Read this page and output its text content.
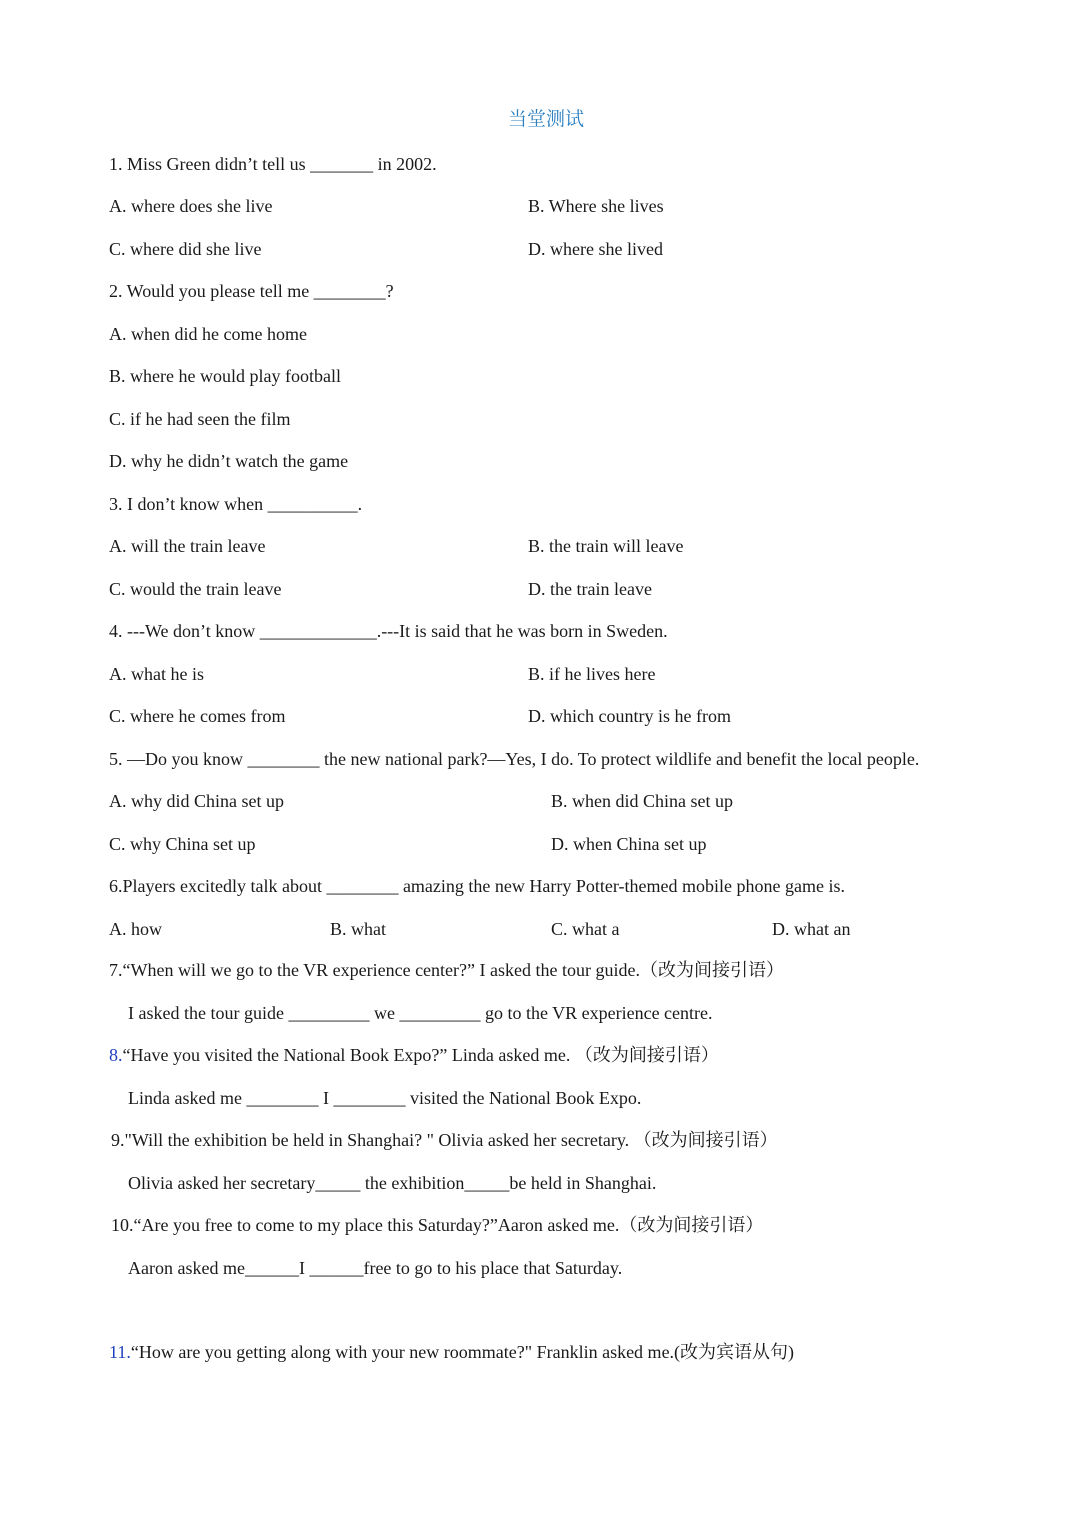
当堂测试
1. Miss Green didn’t tell us _______ in 2002.
A. where does she live	B. Where she lives
C. where did she live	D. where she lived
2. Would you please tell me ________?
A. when did he come home
B. where he would play football
C. if he had seen the film
D. why he didn’t watch the game
3. I don’t know when __________.
A. will the train leave	B. the train will leave
C. would the train leave	D. the train leave
4. ---We don’t know _____________.---It is said that he was born in Sweden.
A. what he is	B. if he lives here
C. where he comes from	D. which country is he from
5. —Do you know ________ the new national park?—Yes, I do. To protect wildlife and benefit the local people.
A. why did China set up	B. when did China set up
C. why China set up	D. when China set up
6.Players excitedly talk about ________ amazing the new Harry Potter-themed mobile phone game is.
A. how	B. what	C. what a	D. what an
7.“When will we go to the VR experience center?” I asked the tour guide.（改为间接引语）
I asked the tour guide _________ we _________ go to the VR experience centre.
8.“Have you visited the National Book Expo?” Linda asked me. （改为间接引语）
Linda asked me ________ I ________ visited the National Book Expo.
9."Will the exhibition be held in Shanghai? " Olivia asked her secretary. （改为间接引语）
Olivia asked her secretary_____ the exhibition_____be held in Shanghai.
10.“Are you free to come to my place this Saturday?”Aaron asked me.（改为间接引语）
Aaron asked me______I ______free to go to his place that Saturday.
11.“How are you getting along with your new roommate?" Franklin asked me.(改为宾语从句)
